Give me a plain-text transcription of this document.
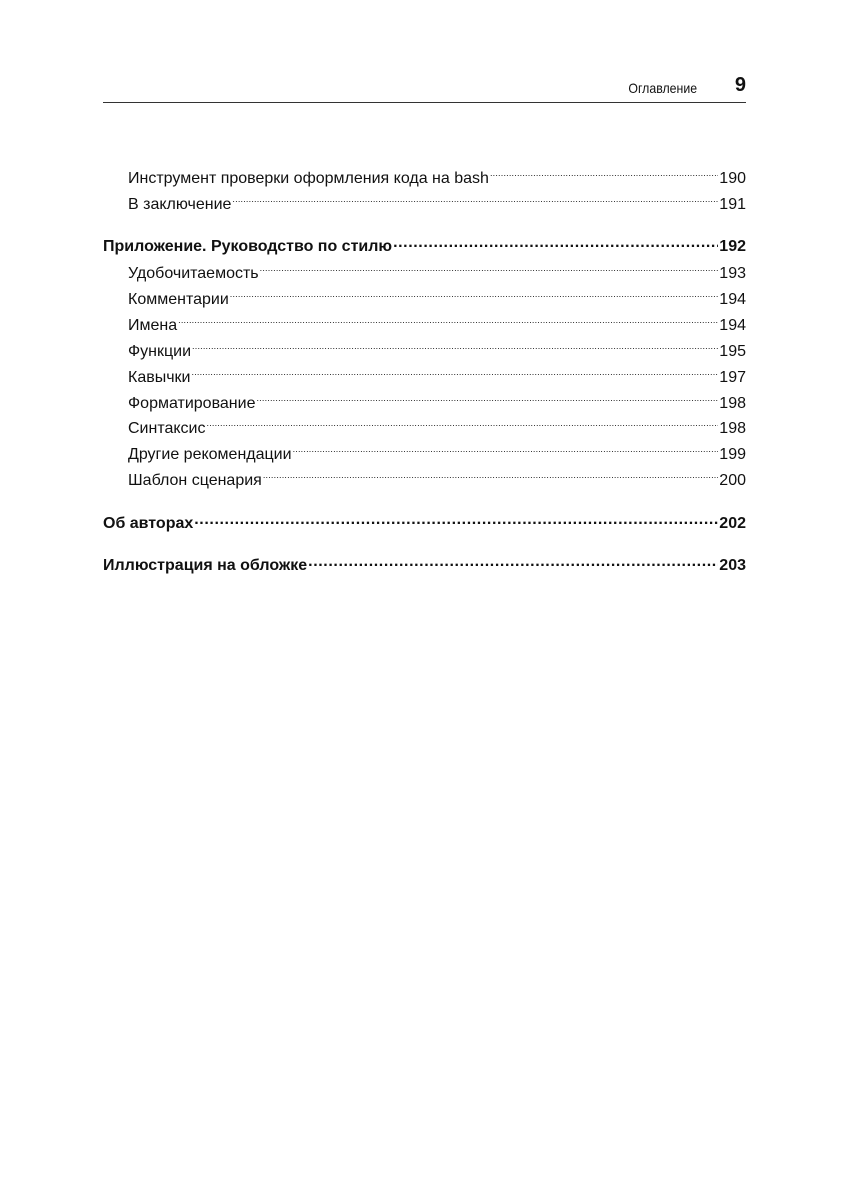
Оглавление 9
Инструмент проверки оформления кода на bash .....	190
В заключение .....	191
Приложение. Руководство по стилю .....	192
Удобочитаемость .....	193
Комментарии .....	194
Имена .....	194
Функции .....	195
Кавычки .....	197
Форматирование .....	198
Синтаксис .....	198
Другие рекомендации .....	199
Шаблон сценария .....	200
Об авторах .....	202
Иллюстрация на обложке .....	203
